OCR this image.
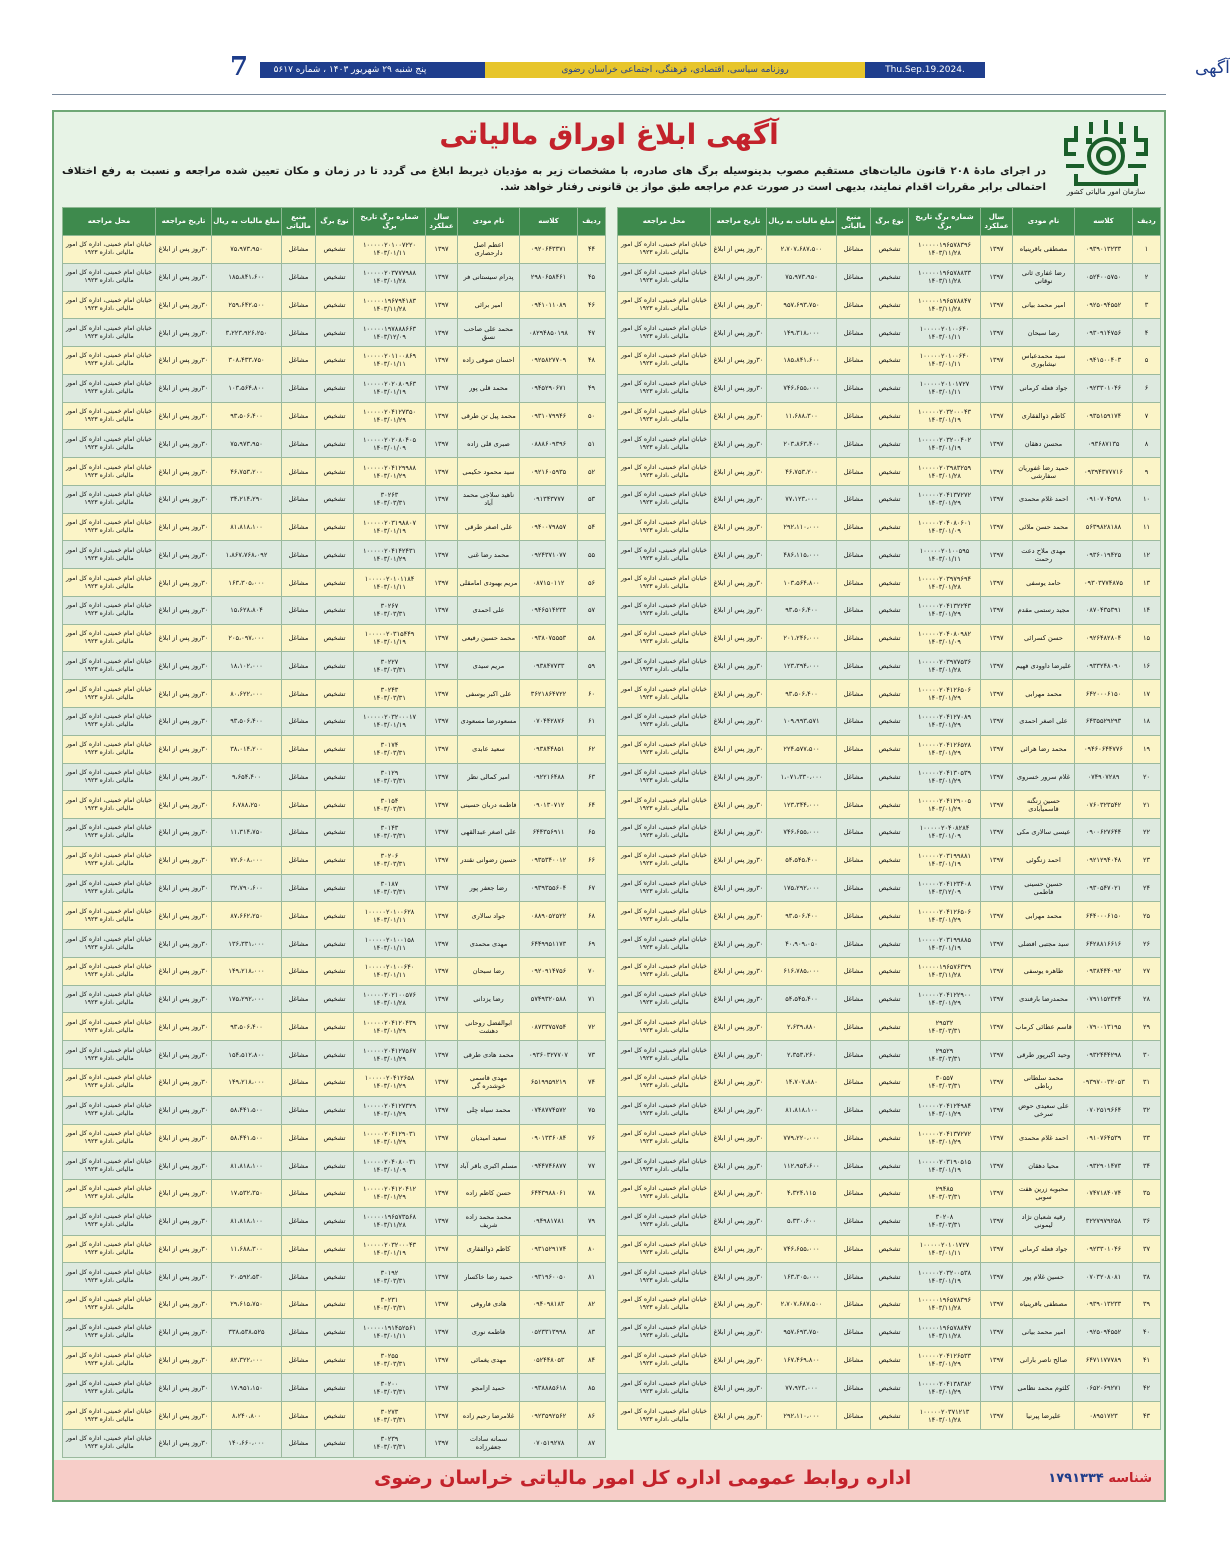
7	پنج شنبه ۲۹ شهریور ۱۴۰۳ ، شماره ۵۶۱۷	روزنامه سیاسی، اقتصادی، فرهنگی، اجتماعی خراسان رضوی	Thu.Sep.19.2024. No.5617
آگهی
سازمان امور مالیاتی کشور
آگهی ابلاغ اوراق مالیاتی
در اجرای مادهٔ ۲۰۸ قانون مالیات‌های مستقیم مصوب بدینوسیله برگ های صادره، با مشخصات زیر به مؤدیان ذیربط ابلاغ می گردد تا در زمان و مکان تعیین شده مراجعه و نسبت به رفع اختلاف احتمالی برابر مقررات اقدام نمایند، بدیهی است در صورت عدم مراجعه طبق مواز ین قانونی رفتار خواهد شد.
ردیف	کلاسه	نام مودی	سال عملکرد	شماره برگ تاریخ برگ	نوع برگ	منبع مالیاتی	مبلغ مالیات به ریال	تاریخ مراجعه	محل مراجعه
۱	۰۹۳۹۰۱۳۲۳۳	مصطفی باقرینیاه	۱۳۹۷	۱۰۰۰۰۰۱۹۶۵۷۸۳۹۶
۱۴۰۳/۱۱/۲۸	تشخیص	مشاغل	۲،۷۰۷،۶۸۷،۵۰۰	۳۰روز پس از ابلاغ	خیابان امام خمینی، اداره کل امور مالیاتی ،اداره ۱۹۲۳
۲	۰۵۲۴۰۰۵۷۵۰	رضا غفاری ثانی نوقانی	۱۳۹۷	۱۰۰۰۰۰۱۹۶۵۷۸۸۳۳
۱۴۰۳/۱۱/۲۸	تشخیص	مشاغل	۷۵،۹۷۳،۹۵۰	۳۰روز پس از ابلاغ	خیابان امام خمینی، اداره کل امور مالیاتی ،اداره ۱۹۲۳
۳	۰۹۲۵۰۹۴۵۵۲	امیر محمد بیانی	۱۳۹۷	۱۰۰۰۰۰۱۹۶۵۷۸۸۴۷
۱۴۰۳/۱۱/۲۸	تشخیص	مشاغل	۹۵۷،۶۹۳،۷۵۰	۳۰روز پس از ابلاغ	خیابان امام خمینی، اداره کل امور مالیاتی ،اداره ۱۹۲۳
۴	۰۹۳۰۹۱۴۷۵۶	رضا سبحان	۱۳۹۷	۱۰۰۰۰۰۲۰۱۰۰۶۴۰
۱۴۰۳/۰۱/۱۱	تشخیص	مشاغل	۱۴۹،۳۱۸،۰۰۰	۳۰روز پس از ابلاغ	خیابان امام خمینی، اداره کل امور مالیاتی ،اداره ۱۹۲۳
۵	۰۹۴۱۵۰۰۴۰۳	سید محمدعباس نیشابوری	۱۳۹۷	۱۰۰۰۰۰۲۰۱۰۰۶۴۰
۱۴۰۳/۰۱/۱۱	تشخیص	مشاغل	۱۸۵،۸۴۱،۶۰۰	۳۰روز پس از ابلاغ	خیابان امام خمینی، اداره کل امور مالیاتی ،اداره ۱۹۲۳
۶	۰۹۲۳۳۰۱۰۴۶	جواد فعله کرمانی	۱۳۹۷	۱۰۰۰۰۰۲۰۱۰۱۷۲۷
۱۴۰۳/۰۱/۱۱	تشخیص	مشاغل	۷۴۶،۶۵۵،۰۰۰	۳۰روز پس از ابلاغ	خیابان امام خمینی، اداره کل امور مالیاتی ،اداره ۱۹۲۳
۷	۰۹۳۵۱۵۹۱۷۴	کاظم ذوالفقاری	۱۳۹۷	۱۰۰۰۰۰۲۰۳۲۰۰۰۴۳
۱۴۰۳/۰۱/۱۹	تشخیص	مشاغل	۱۱،۶۸۸،۳۰۰	۳۰روز پس از ابلاغ	خیابان امام خمینی، اداره کل امور مالیاتی ،اداره ۱۹۲۳
۸	۰۹۳۶۸۷۱۳۵	محسن دهقان	۱۳۹۷	۱۰۰۰۰۰۲۰۳۲۰۰۴۰۲
۱۴۰۳/۰۱/۱۹	تشخیص	مشاغل	۲۰۳،۸۶۳،۴۰۰	۳۰روز پس از ابلاغ	خیابان امام خمینی، اداره کل امور مالیاتی ،اداره ۱۹۲۳
۹	۰۹۳۹۴۳۷۷۷۱۶	حمید رضا غفوریان سفارشی	۱۳۹۷	۱۰۰۰۰۰۲۰۳۹۸۳۲۵۹
۱۴۰۳/۰۱/۲۸	تشخیص	مشاغل	۴۶،۷۵۳،۲۰۰	۳۰روز پس از ابلاغ	خیابان امام خمینی، اداره کل امور مالیاتی ،اداره ۱۹۲۳
۱۰	۰۹۱۰۷۰۴۵۹۸	احمد غلام محمدی	۱۳۹۷	۱۰۰۰۰۰۲۰۴۱۳۷۲۷۲
۱۴۰۳/۰۱/۲۹	تشخیص	مشاغل	۷۷،۱۲۳،۰۰۰	۳۰روز پس از ابلاغ	خیابان امام خمینی، اداره کل امور مالیاتی ،اداره ۱۹۲۳
۱۱	۵۶۳۹۸۲۸۱۸۸	محمد حسن ملائی	۱۳۹۷	۱۰۰۰۰۰۲۰۴۰۸۰۶۰۱
۱۴۰۳/۰۱/۰۹	تشخیص	مشاغل	۲۹۲،۱۱۰،۰۰۰	۳۰روز پس از ابلاغ	خیابان امام خمینی، اداره کل امور مالیاتی ،اداره ۱۹۲۳
۱۲	۰۹۳۶۰۱۹۴۲۵	مهدی ملاح دعت رحمت	۱۳۹۷	۱۰۰۰۰۰۲۰۱۰۰۵۹۵
۱۴۰۳/۰۱/۱۱	تشخیص	مشاغل	۴۸۶،۱۱۵،۰۰۰	۳۰روز پس از ابلاغ	خیابان امام خمینی، اداره کل امور مالیاتی ،اداره ۱۹۲۳
۱۳	۰۹۳۰۳۷۷۴۸۷۵	حامد یوسفی	۱۳۹۷	۱۰۰۰۰۰۲۰۳۹۷۹۶۹۴
۱۴۰۳/۰۱/۲۸	تشخیص	مشاغل	۱۰۳،۵۶۴،۸۰۰	۳۰روز پس از ابلاغ	خیابان امام خمینی، اداره کل امور مالیاتی ،اداره ۱۹۲۳
۱۴	۰۸۷۰۴۳۵۳۹۱	مجید رستمی مقدم	۱۳۹۷	۱۰۰۰۰۰۲۰۴۱۳۲۲۴۳
۱۴۰۳/۰۱/۲۹	تشخیص	مشاغل	۹۳،۵۰۶،۴۰۰	۳۰روز پس از ابلاغ	خیابان امام خمینی، اداره کل امور مالیاتی ،اداره ۱۹۲۳
۱۵	۰۹۲۶۴۸۲۸۰۴	حسن کسرائی	۱۳۹۷	۱۰۰۰۰۰۲۰۴۰۸۰۹۸۲
۱۴۰۳/۰۱/۰۹	تشخیص	مشاغل	۲۰۱،۲۴۶،۰۰۰	۳۰روز پس از ابلاغ	خیابان امام خمینی، اداره کل امور مالیاتی ،اداره ۱۹۲۳
۱۶	۰۹۳۳۲۴۸۰۹۰	علیرضا داوودی فهیم	۱۳۹۷	۱۰۰۰۰۰۲۰۳۹۷۷۵۳۶
۱۴۰۳/۰۱/۲۸	تشخیص	مشاغل	۱۲۳،۳۹۴،۰۰۰	۳۰روز پس از ابلاغ	خیابان امام خمینی، اداره کل امور مالیاتی ،اداره ۱۹۲۳
۱۷	۶۴۲۰۰۰۶۱۵۰	محمد مهرابی	۱۳۹۷	۱۰۰۰۰۰۲۰۴۱۲۶۵۰۶
۱۴۰۳/۰۱/۲۹	تشخیص	مشاغل	۹۳،۵۰۶،۴۰۰	۳۰روز پس از ابلاغ	خیابان امام خمینی، اداره کل امور مالیاتی ،اداره ۱۹۲۳
۱۸	۶۴۳۵۵۲۹۲۹۳	علی اصغر احمدی	۱۳۹۷	۱۰۰۰۰۰۲۰۴۱۲۷۰۸۹
۱۴۰۳/۰۱/۲۹	تشخیص	مشاغل	۱۰۹،۹۹۳،۵۷۱	۳۰روز پس از ابلاغ	خیابان امام خمینی، اداره کل امور مالیاتی ،اداره ۱۹۲۳
۱۹	۰۹۴۶۰۶۴۴۷۷۶	محمد رضا هرائی	۱۳۹۷	۱۰۰۰۰۰۲۰۴۱۲۶۵۲۸
۱۴۰۳/۰۱/۲۹	تشخیص	مشاغل	۲۲۴،۵۷۷،۵۰۰	۳۰روز پس از ابلاغ	خیابان امام خمینی، اداره کل امور مالیاتی ،اداره ۱۹۲۳
۲۰	۰۷۴۹۰۷۲۸۹	غلام سرور خسروی	۱۳۹۷	۱۰۰۰۰۰۲۰۴۱۳۰۵۳۹
۱۴۰۳/۰۱/۲۹	تشخیص	مشاغل	۱،۰۷۱،۳۳۰،۰۰۰	۳۰روز پس از ابلاغ	خیابان امام خمینی، اداره کل امور مالیاتی ،اداره ۱۹۲۳
۲۱	۰۷۶۰۳۲۳۵۴۲	حسین زنگنه قاسمیآبادی	۱۳۹۷	۱۰۰۰۰۰۲۰۴۱۲۹۰۰۵
۱۴۰۳/۰۱/۲۹	تشخیص	مشاغل	۱۲۳،۳۴۴،۰۰۰	۳۰روز پس از ابلاغ	خیابان امام خمینی، اداره کل امور مالیاتی ،اداره ۱۹۲۳
۲۲	۰۹۰۰۶۲۷۶۴۴	عیسی سالاری مکی	۱۳۹۷	۱۰۰۰۰۰۲۰۴۰۸۲۸۴
۱۴۰۳/۰۱/۰۹	تشخیص	مشاغل	۷۴۶،۶۵۵،۰۰۰	۳۰روز پس از ابلاغ	خیابان امام خمینی، اداره کل امور مالیاتی ،اداره ۱۹۲۳
۲۳	۰۹۲۱۲۹۴۰۴۸	احمد زنگوئی	۱۳۹۷	۱۰۰۰۰۰۲۰۳۱۹۹۸۸۱
۱۴۰۳/۰۱/۱۹	تشخیص	مشاغل	۵۴،۵۴۵،۴۰۰	۳۰روز پس از ابلاغ	خیابان امام خمینی، اداره کل امور مالیاتی ،اداره ۱۹۲۳
۲۴	۰۹۳۰۵۴۷۰۲۱	حسین حسینی فاطمی	۱۳۹۷	۱۰۰۰۰۰۲۰۴۱۲۳۴۰۸
۱۴۰۳/۱۲/۰۹	تشخیص	مشاغل	۱۷۵،۲۹۲،۰۰۰	۳۰روز پس از ابلاغ	خیابان امام خمینی، اداره کل امور مالیاتی ،اداره ۱۹۲۳
۲۵	۶۴۴۰۰۰۶۱۵۰	محمد مهرابی	۱۳۹۷	۱۰۰۰۰۰۲۰۴۱۲۶۵۰۶
۱۴۰۳/۰۱/۲۹	تشخیص	مشاغل	۹۳،۵۰۶،۴۰۰	۳۰روز پس از ابلاغ	خیابان امام خمینی، اداره کل امور مالیاتی ،اداره ۱۹۲۳
۲۶	۶۴۲۸۸۱۶۶۱۶	سید مجتبی افضلی	۱۳۹۷	۱۰۰۰۰۰۲۰۳۱۹۹۸۸۵
۱۴۰۳/۰۱/۱۹	تشخیص	مشاغل	۴۰،۹۰۹،۰۵۰	۳۰روز پس از ابلاغ	خیابان امام خمینی، اداره کل امور مالیاتی ،اداره ۱۹۲۳
۲۷	۰۹۳۸۴۴۴۰۹۲	طاهره یوسفی	۱۳۹۷	۱۰۰۰۰۰۱۹۶۵۷۶۳۲۹
۱۴۰۳/۱۱/۲۸	تشخیص	مشاغل	۶۱۶،۷۸۵،۰۰۰	۳۰روز پس از ابلاغ	خیابان امام خمینی، اداره کل امور مالیاتی ،اداره ۱۹۲۳
۲۸	۰۷۹۱۱۵۲۳۲۴	محمدرضا بارفندی	۱۳۹۷	۱۰۰۰۰۰۲۰۴۱۲۲۹۰۰
۱۴۰۳/۰۱/۲۹	تشخیص	مشاغل	۵۴،۵۴۵،۴۰۰	۳۰روز پس از ابلاغ	خیابان امام خمینی، اداره کل امور مالیاتی ،اداره ۱۹۲۳
۲۹	۰۷۹۰۰۱۳۱۹۵	قاسم عطائی کرماب	۱۳۹۷	۲۹۵۳۲
۱۴۰۳/۰۳/۳۱	تشخیص	مشاغل	۲،۶۳۹،۸۸۰	۳۰روز پس از ابلاغ	خیابان امام خمینی، اداره کل امور مالیاتی ،اداره ۱۹۲۳
۳۰	۰۹۳۲۴۴۴۲۹۸	وحید اکبرپور طرقی	۱۳۹۷	۲۹۵۲۹
۱۴۰۳/۰۳/۳۱	تشخیص	مشاغل	۲،۳۵۳،۲۶۰	۳۰روز پس از ابلاغ	خیابان امام خمینی، اداره کل امور مالیاتی ،اداره ۱۹۲۳
۳۱	۰۹۳۹۷۰۰۳۲۰۵۳	محمد سلطانی رباطی	۱۳۹۷	۳۰۵۵۷
۱۴۰۳/۰۳/۳۱	تشخیص	مشاغل	۱۴،۷۰۷،۸۸۰	۳۰روز پس از ابلاغ	خیابان امام خمینی، اداره کل امور مالیاتی ،اداره ۱۹۲۳
۳۲	۰۷۰۲۵۱۹۶۶۴	علی سعیدی حوض سرخی	۱۳۹۷	۱۰۰۰۰۰۲۰۴۱۲۴۹۸۴
۱۴۰۳/۰۱/۲۹	تشخیص	مشاغل	۸۱،۸۱۸،۱۰۰	۳۰روز پس از ابلاغ	خیابان امام خمینی، اداره کل امور مالیاتی ،اداره ۱۹۲۳
۳۳	۰۹۱۰۷۶۴۵۳۹	احمد غلام محمدی	۱۳۹۷	۱۰۰۰۰۰۲۰۴۱۳۷۲۷۲
۱۴۰۳/۰۱/۲۹	تشخیص	مشاغل	۷۷۹،۲۲۰،۰۰۰	۳۰روز پس از ابلاغ	خیابان امام خمینی، اداره کل امور مالیاتی ،اداره ۱۹۲۳
۳۴	۰۹۳۲۹۰۱۴۷۳	محیا دهقان	۱۳۹۷	۱۰۰۰۰۰۲۰۳۱۹۰۵۱۵
۱۴۰۳/۰۱/۱۹	تشخیص	مشاغل	۱۱۲،۹۵۴،۶۰۰	۳۰روز پس از ابلاغ	خیابان امام خمینی، اداره کل امور مالیاتی ،اداره ۱۹۲۳
۳۵	۰۷۴۷۱۸۴۰۷۴	محبوبه زرین هفت سوبی	۱۳۹۷	۲۹۴۸۵
۱۴۰۳/۰۳/۳۱	تشخیص	مشاغل	۴،۳۲۴،۱۱۵	۳۰روز پس از ابلاغ	خیابان امام خمینی، اداره کل امور مالیاتی ،اداره ۱۹۲۳
۳۶	۳۲۲۷۹۷۹۲۵۸	رقیه شعبان نژاد لیمونی	۱۳۹۷	۳۰۲۰۸
۱۴۰۳/۰۳/۳۱	تشخیص	مشاغل	۵،۳۳۰،۶۰۰	۳۰روز پس از ابلاغ	خیابان امام خمینی، اداره کل امور مالیاتی ،اداره ۱۹۲۳
۳۷	۰۹۲۳۳۰۱۰۴۶	جواد فعله کرمانی	۱۳۹۷	۱۰۰۰۰۰۲۰۱۰۱۷۲۷
۱۴۰۳/۰۱/۱۱	تشخیص	مشاغل	۷۴۶،۶۵۵،۰۰۰	۳۰روز پس از ابلاغ	خیابان امام خمینی، اداره کل امور مالیاتی ،اداره ۱۹۲۳
۳۸	۰۷۰۳۲۰۸۰۸۱	حسین غلام پور	۱۳۹۷	۱۰۰۰۰۰۲۰۳۲۰۰۵۳۸
۱۴۰۳/۰۱/۱۹	تشخیص	مشاغل	۱۶۳،۳۰۵،۰۰۰	۳۰روز پس از ابلاغ	خیابان امام خمینی، اداره کل امور مالیاتی ،اداره ۱۹۲۳
۳۹	۰۹۳۹۰۱۳۲۳۳	مصطفی باقرینیاه	۱۳۹۷	۱۰۰۰۰۰۱۹۶۵۷۸۳۹۶
۱۴۰۳/۱۱/۲۸	تشخیص	مشاغل	۲،۷۰۷،۶۸۷،۵۰۰	۳۰روز پس از ابلاغ	خیابان امام خمینی، اداره کل امور مالیاتی ،اداره ۱۹۲۳
۴۰	۰۹۲۵۰۹۴۵۵۲	امیر محمد بیانی	۱۳۹۷	۱۰۰۰۰۰۱۹۶۵۷۸۸۴۷
۱۴۰۳/۱۱/۲۸	تشخیص	مشاغل	۹۵۷،۶۹۳،۷۵۰	۳۰روز پس از ابلاغ	خیابان امام خمینی، اداره کل امور مالیاتی ،اداره ۱۹۲۳
۴۱	۶۴۷۱۱۷۷۷۸۹	صالح ناصر بارانی	۱۳۹۷	۱۰۰۰۰۰۲۰۴۱۲۶۵۳۳
۱۴۰۳/۰۱/۲۹	تشخیص	مشاغل	۱۶۷،۴۶۹،۸۰۰	۳۰روز پس از ابلاغ	خیابان امام خمینی، اداره کل امور مالیاتی ،اداره ۱۹۲۳
۴۲	۰۶۵۲۰۶۹۲۷۱	کلثوم محمد نظامی	۱۳۹۷	۱۰۰۰۰۰۲۰۴۱۳۸۳۸۲
۱۴۰۳/۰۱/۲۹	تشخیص	مشاغل	۷۷،۹۲۳،۰۰۰	۳۰روز پس از ابلاغ	خیابان امام خمینی، اداره کل امور مالیاتی ،اداره ۱۹۲۳
۴۳	۰۸۹۵۱۷۲۳	علیرضا پیرنیا	۱۳۹۷	۱۰۰۰۰۰۲۰۳۷۱۲۱۳
۱۴۰۳/۰۱/۲۸	تشخیص	مشاغل	۲۹۲،۱۱۰،۰۰۰	۳۰روز پس از ابلاغ	خیابان امام خمینی، اداره کل امور مالیاتی ،اداره ۱۹۲۳
ردیف	کلاسه	نام مودی	سال عملکرد	شماره برگ تاریخ برگ	نوع برگ	منبع مالیاتی	مبلغ مالیات به ریال	تاریخ مراجعه	محل مراجعه
۴۴	۰۹۲۰۶۴۳۳۷۱	اعظم اصل دارحصاری	۱۳۹۷	۱۰۰۰۰۰۲۰۱۰۰۷۲۲۰
۱۴۰۳/۰۱/۱۱	تشخیص	مشاغل	۷۵،۹۷۳،۹۵۰	۳۰روز پس از ابلاغ	خیابان امام خمینی، اداره کل امور مالیاتی ،اداره ۱۹۲۳
۴۵	۲۹۸۰۶۵۸۴۶۱	پدرام سیستانی فر	۱۳۹۷	۱۰۰۰۰۰۲۰۳۷۷۷۹۸۸
۱۴۰۳/۰۱/۲۸	تشخیص	مشاغل	۱۸۵،۸۴۱،۶۰۰	۳۰روز پس از ابلاغ	خیابان امام خمینی، اداره کل امور مالیاتی ،اداره ۱۹۲۳
۴۶	۰۹۴۱۰۱۱۰۸۹	امیر برائی	۱۳۹۷	۱۰۰۰۰۰۱۹۶۷۹۴۱۸۳
۱۴۰۳/۱۱/۲۸	تشخیص	مشاغل	۲۵۹،۶۴۲،۵۰۰	۳۰روز پس از ابلاغ	خیابان امام خمینی، اداره کل امور مالیاتی ،اداره ۱۹۲۳
۴۷	۰۸۲۹۴۸۵۰۱۹۸	محمد علی صاحب نسق	۱۳۹۷	۱۰۰۰۰۰۱۹۷۸۸۸۶۶۳
۱۴۰۳/۱۲/۰۹	تشخیص	مشاغل	۳،۲۲۳،۹۲۶،۲۵۰	۳۰روز پس از ابلاغ	خیابان امام خمینی، اداره کل امور مالیاتی ،اداره ۱۹۲۳
۴۸	۰۹۲۵۸۲۷۷۰۹	احسان صوفی زاده	۱۳۹۷	۱۰۰۰۰۰۲۰۱۱۰۰۸۶۹
۱۴۰۳/۰۱/۱۱	تشخیص	مشاغل	۳۰۸،۴۳۳،۷۵۰	۳۰روز پس از ابلاغ	خیابان امام خمینی، اداره کل امور مالیاتی ،اداره ۱۹۲۳
۴۹	۰۹۴۵۲۹۰۶۷۱	محمد قلی پور	۱۳۹۷	۱۰۰۰۰۰۲۰۲۰۸۰۹۶۳
۱۴۰۳/۰۱/۱۹	تشخیص	مشاغل	۱۰۳،۵۶۴،۸۰۰	۳۰روز پس از ابلاغ	خیابان امام خمینی، اداره کل امور مالیاتی ،اداره ۱۹۲۳
۵۰	۰۹۳۱۰۷۹۹۴۶	محمد پیل تن طرقی	۱۳۹۷	۱۰۰۰۰۰۲۰۴۱۲۷۳۵۰
۱۴۰۳/۰۱/۲۹	تشخیص	مشاغل	۹۳،۵۰۶،۴۰۰	۳۰روز پس از ابلاغ	خیابان امام خمینی، اداره کل امور مالیاتی ،اداره ۱۹۲۳
۵۱	۰۸۸۸۶۰۹۳۹۶	صبری قلی زاده	۱۳۹۷	۱۰۰۰۰۰۲۰۲۰۸۰۴۰۵
۱۴۰۳/۰۱/۰۹	تشخیص	مشاغل	۷۵،۹۷۳،۹۵۰	۳۰روز پس از ابلاغ	خیابان امام خمینی، اداره کل امور مالیاتی ،اداره ۱۹۲۳
۵۲	۰۹۲۱۶۰۵۹۳۵	سید محمود حکیمی	۱۳۹۷	۱۰۰۰۰۰۲۰۴۱۲۹۹۸۸
۱۴۰۳/۰۱/۲۹	تشخیص	مشاغل	۴۶،۷۵۳،۲۰۰	۳۰روز پس از ابلاغ	خیابان امام خمینی، اداره کل امور مالیاتی ،اداره ۱۹۲۳
۵۳	۰۹۱۳۴۳۷۷۷	ناهید سلاجی محمد آباد	۱۳۹۷	۳۰۲۶۳
۱۴۰۳/۰۳/۳۱	تشخیص	مشاغل	۳۴،۲۱۴،۲۹۰	۳۰روز پس از ابلاغ	خیابان امام خمینی، اداره کل امور مالیاتی ،اداره ۱۹۲۳
۵۴	۰۹۴۰۰۷۹۸۵۷	علی اصغر طرقی	۱۳۹۷	۱۰۰۰۰۰۲۰۳۱۹۸۸۰۷
۱۴۰۳/۰۱/۱۹	تشخیص	مشاغل	۸۱،۸۱۸،۱۰۰	۳۰روز پس از ابلاغ	خیابان امام خمینی، اداره کل امور مالیاتی ،اداره ۱۹۲۳
۵۵	۰۹۲۴۳۷۱۰۷۷	محمد رضا غنی	۱۳۹۷	۱۰۰۰۰۰۲۰۴۱۴۲۴۳۱
۱۴۰۳/۰۱/۲۹	تشخیص	مشاغل	۱،۸۶۷،۷۶۸،۰۹۲	۳۰روز پس از ابلاغ	خیابان امام خمینی، اداره کل امور مالیاتی ،اداره ۱۹۲۳
۵۶	۰۸۷۱۵۰۱۱۲	مریم بهبودی امامقلی	۱۳۹۷	۱۰۰۰۰۰۲۰۱۰۱۱۸۴
۱۴۰۳/۰۱/۱۱	تشخیص	مشاغل	۱۶۳،۳۰۵،۰۰۰	۳۰روز پس از ابلاغ	خیابان امام خمینی، اداره کل امور مالیاتی ،اداره ۱۹۲۳
۵۷	۰۹۴۶۵۱۴۲۳۳	علی احمدی	۱۳۹۷	۳۰۲۶۷
۱۴۰۳/۰۳/۳۱	تشخیص	مشاغل	۱۵،۶۲۸،۸۰۴	۳۰روز پس از ابلاغ	خیابان امام خمینی، اداره کل امور مالیاتی ،اداره ۱۹۲۳
۵۸	۰۹۳۸۰۷۵۵۵۳	محمد حسین رفیعی	۱۳۹۷	۱۰۰۰۰۰۲۰۳۱۵۴۴۹
۱۴۰۳/۰۱/۱۹	تشخیص	مشاغل	۲۰۵،۰۹۷،۰۰۰	۳۰روز پس از ابلاغ	خیابان امام خمینی، اداره کل امور مالیاتی ،اداره ۱۹۲۳
۵۹	۰۹۳۸۴۷۷۳۳	مریم سیدی	۱۳۹۷	۳۰۲۲۷
۱۴۰۳/۰۳/۳۱	تشخیص	مشاغل	۱۸،۱۰۲،۰۰۰	۳۰روز پس از ابلاغ	خیابان امام خمینی، اداره کل امور مالیاتی ،اداره ۱۹۲۳
۶۰	۳۶۲۱۸۶۴۷۲۲	علی اکبر یوسفی	۱۳۹۷	۳۰۲۴۳
۱۴۰۳/۰۳/۳۱	تشخیص	مشاغل	۸۰،۶۲۲،۰۰۰	۳۰روز پس از ابلاغ	خیابان امام خمینی، اداره کل امور مالیاتی ،اداره ۱۹۲۳
۶۱	۰۷۰۴۴۲۸۷۶	مسعودرضا مسعودی	۱۳۹۷	۱۰۰۰۰۰۲۰۳۲۰۰۰۱۷
۱۴۰۳/۰۱/۱۹	تشخیص	مشاغل	۹۳،۵۰۶،۴۰۰	۳۰روز پس از ابلاغ	خیابان امام خمینی، اداره کل امور مالیاتی ،اداره ۱۹۲۳
۶۲	۰۹۳۸۴۴۸۵۱	سعید عابدی	۱۳۹۷	۳۰۱۷۴
۱۴۰۳/۰۳/۳۱	تشخیص	مشاغل	۳۸،۰۱۴،۲۰۰	۳۰روز پس از ابلاغ	خیابان امام خمینی، اداره کل امور مالیاتی ،اداره ۱۹۲۳
۶۳	۰۹۲۲۱۶۴۸۸	امیر کمالی نظر	۱۳۹۷	۳۰۱۲۹
۱۴۰۳/۰۳/۳۱	تشخیص	مشاغل	۹،۶۵۴،۴۰۰	۳۰روز پس از ابلاغ	خیابان امام خمینی، اداره کل امور مالیاتی ،اداره ۱۹۲۳
۶۴	۰۹۰۱۳۰۷۱۲	فاطمه دربان حسینی	۱۳۹۷	۳۰۱۵۴
۱۴۰۳/۰۳/۳۱	تشخیص	مشاغل	۶،۷۸۸،۲۵۰	۳۰روز پس از ابلاغ	خیابان امام خمینی، اداره کل امور مالیاتی ،اداره ۱۹۲۳
۶۵	۶۴۴۳۵۶۹۱۱	علی اصغر عبدالقهی	۱۳۹۷	۳۰۱۴۳
۱۴۰۳/۰۳/۳۱	تشخیص	مشاغل	۱۱،۳۱۴،۷۵۰	۳۰روز پس از ابلاغ	خیابان امام خمینی، اداره کل امور مالیاتی ،اداره ۱۹۲۳
۶۶	۰۹۳۵۳۴۰۰۱۲	حسین رضوانی نقندر	۱۳۹۷	۳۰۲۰۶
۱۴۰۳/۰۳/۳۱	تشخیص	مشاغل	۷۲،۶۰۸،۰۰۰	۳۰روز پس از ابلاغ	خیابان امام خمینی، اداره کل امور مالیاتی ،اداره ۱۹۲۳
۶۷	۰۹۳۹۳۵۵۶۰۴	رضا جعفر پور	۱۳۹۷	۳۰۱۸۷
۱۴۰۳/۰۳/۳۱	تشخیص	مشاغل	۳۲،۷۹۰،۶۰۰	۳۰روز پس از ابلاغ	خیابان امام خمینی، اداره کل امور مالیاتی ،اداره ۱۹۲۳
۶۸	۰۸۸۹۰۵۲۵۲۲	جواد سالاری	۱۳۹۷	۱۰۰۰۰۰۲۰۱۰۰۶۲۸
۱۴۰۳/۰۱/۱۱	تشخیص	مشاغل	۸۷،۶۶۲،۲۵۰	۳۰روز پس از ابلاغ	خیابان امام خمینی، اداره کل امور مالیاتی ،اداره ۱۹۲۳
۶۹	۶۴۴۹۹۵۱۱۷۳	مهدی محمدی	۱۳۹۷	۱۰۰۰۰۰۲۰۱۰۰۱۵۸
۱۴۰۳/۰۱/۱۱	تشخیص	مشاغل	۱۳۶،۳۳۱،۰۰۰	۳۰روز پس از ابلاغ	خیابان امام خمینی، اداره کل امور مالیاتی ،اداره ۱۹۲۳
۷۰	۰۹۲۰۹۱۴۷۵۶	رضا سبحان	۱۳۹۷	۱۰۰۰۰۰۲۰۱۰۰۶۴۰
۱۴۰۳/۰۱/۱۱	تشخیص	مشاغل	۱۴۹،۲۱۸،۰۰۰	۳۰روز پس از ابلاغ	خیابان امام خمینی، اداره کل امور مالیاتی ،اداره ۱۹۲۳
۷۱	۵۷۴۹۳۲۰۵۸۸	رضا یزدانی	۱۳۹۷	۱۰۰۰۰۰۲۰۲۱۰۰۵۷۶
۱۴۰۳/۰۱/۲۸	تشخیص	مشاغل	۱۷۵،۲۹۲،۰۰۰	۳۰روز پس از ابلاغ	خیابان امام خمینی، اداره کل امور مالیاتی ،اداره ۱۹۲۳
۷۲	۰۸۷۳۳۷۵۷۵۴	ابوالفضل روحانی دهشت	۱۳۹۷	۱۰۰۰۰۰۲۰۴۱۲۰۴۳۹
۱۴۰۳/۰۱/۲۹	تشخیص	مشاغل	۹۳،۵۰۶،۴۰۰	۳۰روز پس از ابلاغ	خیابان امام خمینی، اداره کل امور مالیاتی ،اداره ۱۹۲۳
۷۳	۰۹۳۶۰۳۲۷۷۰۷	محمد هادی طرقی	۱۳۹۷	۱۰۰۰۰۰۲۰۴۱۲۷۵۶۷
۱۴۰۳/۰۱/۲۹	تشخیص	مشاغل	۱۵۴،۵۱۲،۸۰۰	۳۰روز پس از ابلاغ	خیابان امام خمینی، اداره کل امور مالیاتی ،اداره ۱۹۲۳
۷۴	۶۵۱۹۹۵۹۲۱۹	مهدی قاسمی خوشدره گی	۱۳۹۷	۱۰۰۰۰۰۲۰۴۱۲۶۵۸
۱۴۰۳/۰۱/۲۹	تشخیص	مشاغل	۱۴۹،۲۱۸،۰۰۰	۳۰روز پس از ابلاغ	خیابان امام خمینی، اداره کل امور مالیاتی ،اداره ۱۹۲۳
۷۵	۰۷۴۸۷۷۴۵۷۲	محمد سیاه چلی	۱۳۹۷	۱۰۰۰۰۰۲۰۴۱۲۷۳۲۹
۱۴۰۳/۰۱/۲۹	تشخیص	مشاغل	۵۸،۴۴۱،۵۰۰	۳۰روز پس از ابلاغ	خیابان امام خمینی، اداره کل امور مالیاتی ،اداره ۱۹۲۳
۷۶	۰۹۰۱۳۳۶۰۸۴	سعید امیدیان	۱۳۹۷	۱۰۰۰۰۰۲۰۴۱۲۹۰۳۱
۱۴۰۳/۰۱/۲۹	تشخیص	مشاغل	۵۸،۴۴۱،۵۰۰	۳۰روز پس از ابلاغ	خیابان امام خمینی، اداره کل امور مالیاتی ،اداره ۱۹۲۳
۷۷	۰۹۴۴۷۴۶۸۷۷	مسلم اکبری باقر آباد	۱۳۹۷	۱۰۰۰۰۰۲۰۴۰۸۰۰۳۱
۱۴۰۳/۰۱/۰۹	تشخیص	مشاغل	۸۱،۸۱۸،۱۰۰	۳۰روز پس از ابلاغ	خیابان امام خمینی، اداره کل امور مالیاتی ،اداره ۱۹۲۳
۷۸	۶۴۴۳۹۸۸۰۶۱	حسن کاظم زاده	۱۳۹۷	۱۰۰۰۰۰۲۰۴۱۲۰۴۱۲
۱۴۰۳/۰۱/۲۹	تشخیص	مشاغل	۱۷،۵۳۲،۳۵۰	۳۰روز پس از ابلاغ	خیابان امام خمینی، اداره کل امور مالیاتی ،اداره ۱۹۲۳
۷۹	۰۹۴۹۸۱۷۸۱	محمد محمد زاده شریف	۱۳۹۷	۱۰۰۰۰۰۱۹۶۵۷۳۵۶۸
۱۴۰۳/۱۱/۲۸	تشخیص	مشاغل	۸۱،۸۱۸،۱۰۰	۳۰روز پس از ابلاغ	خیابان امام خمینی، اداره کل امور مالیاتی ،اداره ۱۹۲۳
۸۰	۰۹۳۱۵۲۹۱۷۴	کاظم ذوالفقاری	۱۳۹۷	۱۰۰۰۰۰۲۰۳۲۰۰۰۴۳
۱۴۰۳/۰۱/۱۹	تشخیص	مشاغل	۱۱،۶۸۸،۳۰۰	۳۰روز پس از ابلاغ	خیابان امام خمینی، اداره کل امور مالیاتی ،اداره ۱۹۲۳
۸۱	۰۹۳۱۹۶۰۰۵۰	حمید رضا خاکسار	۱۳۹۷	۳۰۱۹۲
۱۴۰۳/۰۳/۳۱	تشخیص	مشاغل	۲۰،۵۹۲،۵۳۰	۳۰روز پس از ابلاغ	خیابان امام خمینی، اداره کل امور مالیاتی ،اداره ۱۹۲۳
۸۲	۰۹۴۰۹۸۱۸۳	هادی فاروقی	۱۳۹۷	۳۰۲۳۱
۱۴۰۳/۰۳/۳۱	تشخیص	مشاغل	۲۹،۶۱۵،۷۵۰	۳۰روز پس از ابلاغ	خیابان امام خمینی، اداره کل امور مالیاتی ،اداره ۱۹۲۳
۸۳	۰۵۲۳۳۱۳۹۹۸	فاطمه نوری	۱۳۹۷	۱۰۰۰۰۰۱۹۱۴۵۲۵۶۱
۱۴۰۳/۰۱/۱۱	تشخیص	مشاغل	۳۳۸،۵۳۸،۵۲۵	۳۰روز پس از ابلاغ	خیابان امام خمینی، اداره کل امور مالیاتی ،اداره ۱۹۲۳
۸۴	۰۵۲۴۴۸۰۵۳	مهدی یغمائی	۱۳۹۷	۳۰۲۵۵
۱۴۰۳/۰۳/۳۱	تشخیص	مشاغل	۸۲،۳۲۲،۰۰۰	۳۰روز پس از ابلاغ	خیابان امام خمینی، اداره کل امور مالیاتی ،اداره ۱۹۲۳
۸۵	۰۹۳۸۸۸۵۶۱۸	حمید ازامجو	۱۳۹۷	۳۰۲۰۰
۱۴۰۳/۰۳/۳۱	تشخیص	مشاغل	۱۷،۹۵۱،۱۵۰	۳۰روز پس از ابلاغ	خیابان امام خمینی، اداره کل امور مالیاتی ،اداره ۱۹۲۳
۸۶	۰۹۲۳۵۹۲۵۶۲	غلامرضا رحیم زاده	۱۳۹۷	۳۰۲۷۳
۱۴۰۳/۰۳/۳۱	تشخیص	مشاغل	۸،۲۴۰،۸۰۰	۳۰روز پس از ابلاغ	خیابان امام خمینی، اداره کل امور مالیاتی ،اداره ۱۹۲۳
۸۷	۰۷۰۵۱۹۲۷۸	سمانه سادات جعفرزاده	۱۳۹۷	۳۰۲۳۹
۱۴۰۳/۰۳/۳۱	تشخیص	مشاغل	۱۴۰،۶۶۰،۰۰۰	۳۰روز پس از ابلاغ	خیابان امام خمینی، اداره کل امور مالیاتی ،اداره ۱۹۲۳
اداره روابط عمومی اداره کل امور مالیاتی خراسان رضوی	شناسه ۱۷۹۱۳۳۴
